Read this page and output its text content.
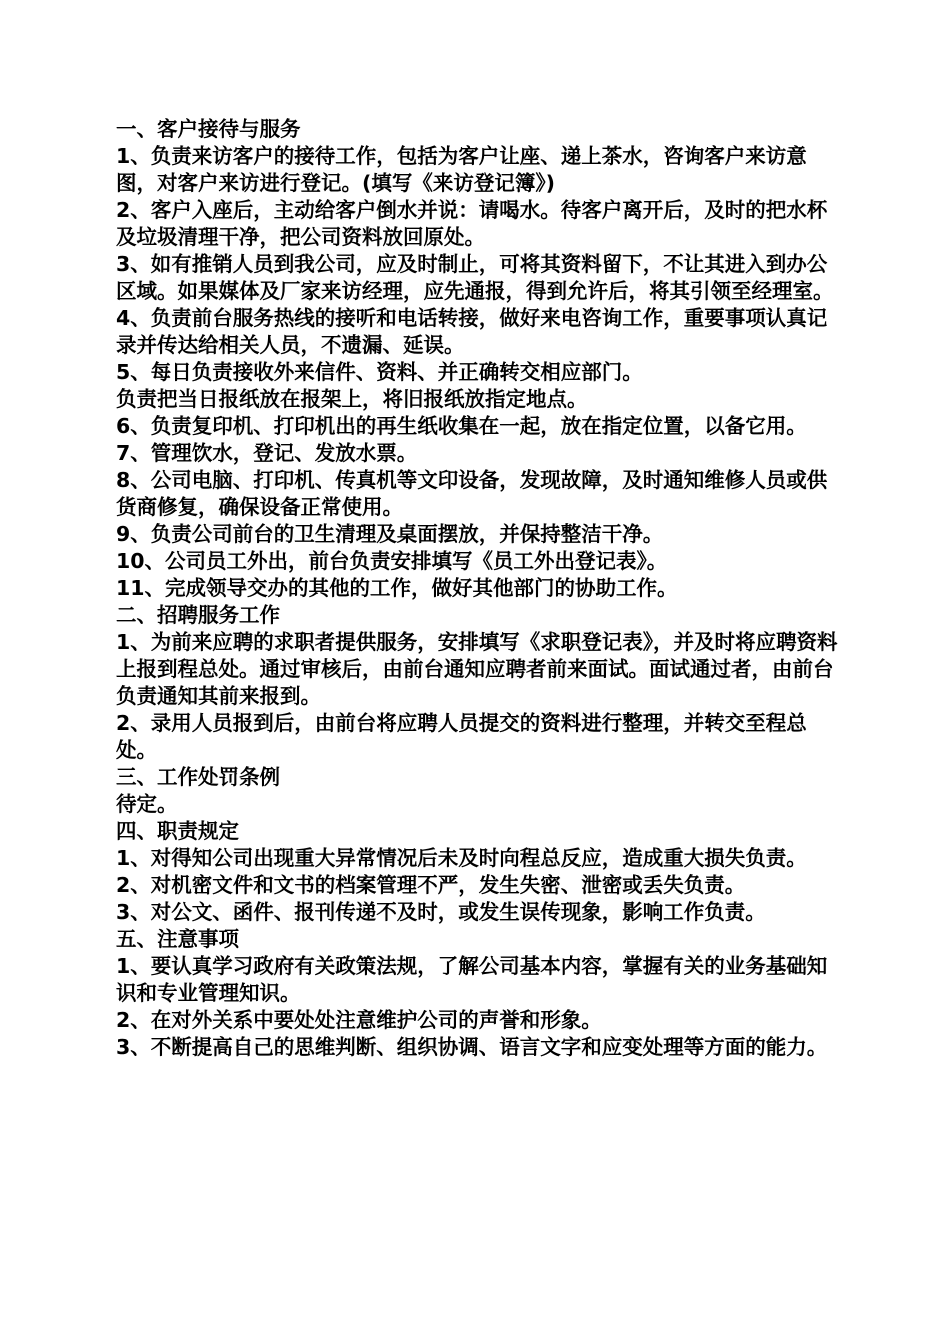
一、客户接待与服务

1、负责来访客户的接待工作，包括为客户让座、递上茶水，咨询客户来访意图，对客户来访进行登记。(填写《来访登记簿》)

2、客户入座后，主动给客户倒水并说：请喝水。待客户离开后，及时的把水杯及垃圾清理干净，把公司资料放回原处。

3、如有推销人员到我公司，应及时制止，可将其资料留下，不让其进入到办公区域。如果媒体及厂家来访经理，应先通报，得到允许后，将其引领至经理室。

4、负责前台服务热线的接听和电话转接，做好来电咨询工作，重要事项认真记录并传达给相关人员，不遗漏、延误。

5、每日负责接收外来信件、资料、并正确转交相应部门。

负责把当日报纸放在报架上，将旧报纸放指定地点。

6、负责复印机、打印机出的再生纸收集在一起，放在指定位置，以备它用。

7、管理饮水，登记、发放水票。

8、公司电脑、打印机、传真机等文印设备，发现故障，及时通知维修人员或供货商修复，确保设备正常使用。

9、负责公司前台的卫生清理及桌面摆放，并保持整洁干净。

10、公司员工外出，前台负责安排填写《员工外出登记表》。

11、完成领导交办的其他的工作，做好其他部门的协助工作。

二、招聘服务工作

1、为前来应聘的求职者提供服务，安排填写《求职登记表》，并及时将应聘资料上报到程总处。通过审核后，由前台通知应聘者前来面试。面试通过者，由前台负责通知其前来报到。

2、录用人员报到后，由前台将应聘人员提交的资料进行整理，并转交至程总处。

三、工作处罚条例

待定。

四、职责规定

1、对得知公司出现重大异常情况后未及时向程总反应，造成重大损失负责。

2、对机密文件和文书的档案管理不严，发生失密、泄密或丢失负责。

3、对公文、函件、报刊传递不及时，或发生误传现象，影响工作负责。

五、注意事项

1、要认真学习政府有关政策法规，了解公司基本内容，掌握有关的业务基础知识和专业管理知识。

2、在对外关系中要处处注意维护公司的声誉和形象。

3、不断提高自己的思维判断、组织协调、语言文字和应变处理等方面的能力。
